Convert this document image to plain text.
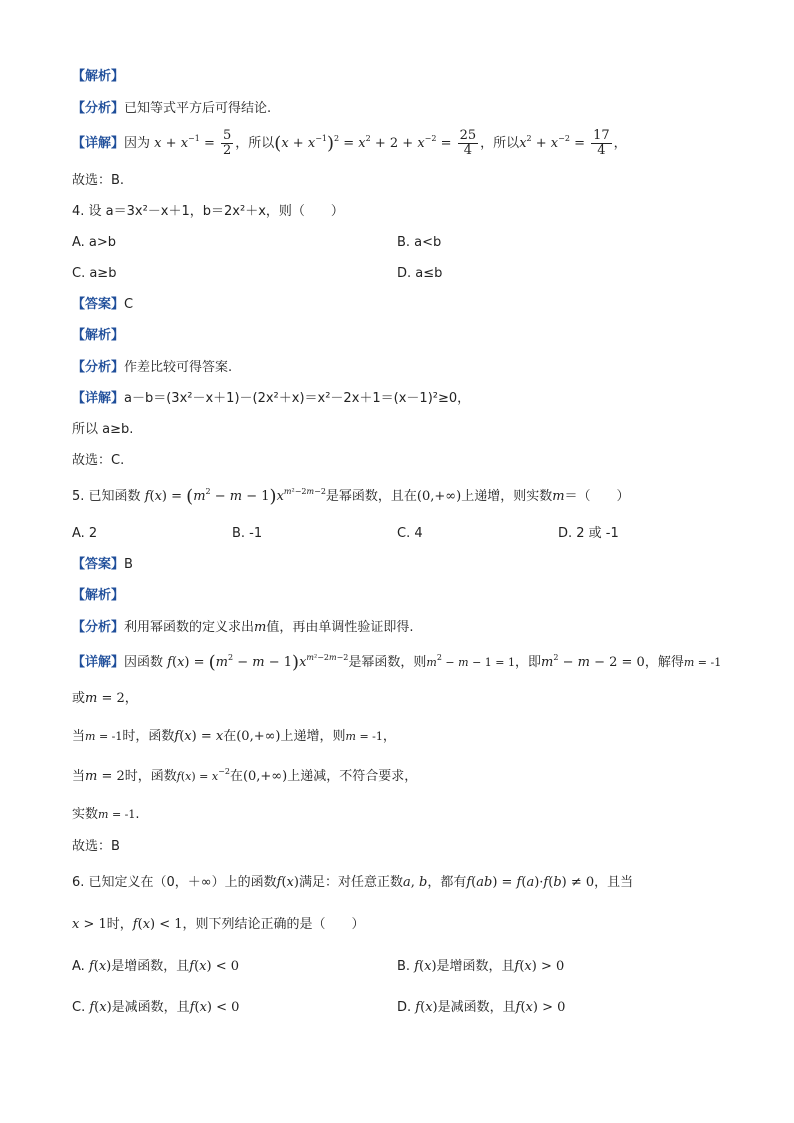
【解析】
【分析】已知等式平方后可得结论.
【详解】因为 $x + x^{-1} = \frac{5}{2}$ ，所以$(x + x^{-1})^2 = x^2 + 2 + x^{-2} = \frac{25}{4}$ ，所以$x^2 + x^{-2} = \frac{17}{4}$ ，
故选：B.
4. 设 a＝3x²－x＋1，b＝2x²＋x，则（　　）
A. a>b	B. a<b
C. a≥b	D. a≤b
【答案】C
【解析】
【分析】作差比较可得答案.
【详解】a－b＝(3x²－x＋1)－(2x²＋x)＝x²－2x＋1＝(x－1)²≥0，
所以 a≥b.
故选：C.
5. 已知函数 $f(x) = (m^2 - m - 1)x^{m^2-2m-2}$是幂函数，且在(0,+∞)上递增，则实数m＝（　　）
A. 2	B. -1	C. 4	D. 2 或 -1
【答案】B
【解析】
【分析】利用幂函数的定义求出m值，再由单调性验证即得.
【详解】因函数 $f(x) = (m^2 - m - 1)x^{m^2-2m-2}$是幂函数，则$m^2 - m - 1 = 1$，即$m^2 - m - 2 = 0$，解得m = -1
或m = 2，
当m = -1时，函数f(x) = x在(0,+∞)上递增，则m = -1，
当m = 2时，函数$f(x) = x^{-2}$在(0,+∞)上递减，不符合要求，
实数m = -1.
故选：B
6. 已知定义在（0，＋∞）上的函数f(x)满足：对任意正数a, b，都有f(ab) = f(a)·f(b) ≠ 0，且当
x > 1时，f(x) < 1，则下列结论正确的是（　　）
A. f(x)是增函数，且f(x) < 0	B. f(x)是增函数，且f(x) > 0
C. f(x)是减函数，且f(x) < 0	D. f(x)是减函数，且f(x) > 0
